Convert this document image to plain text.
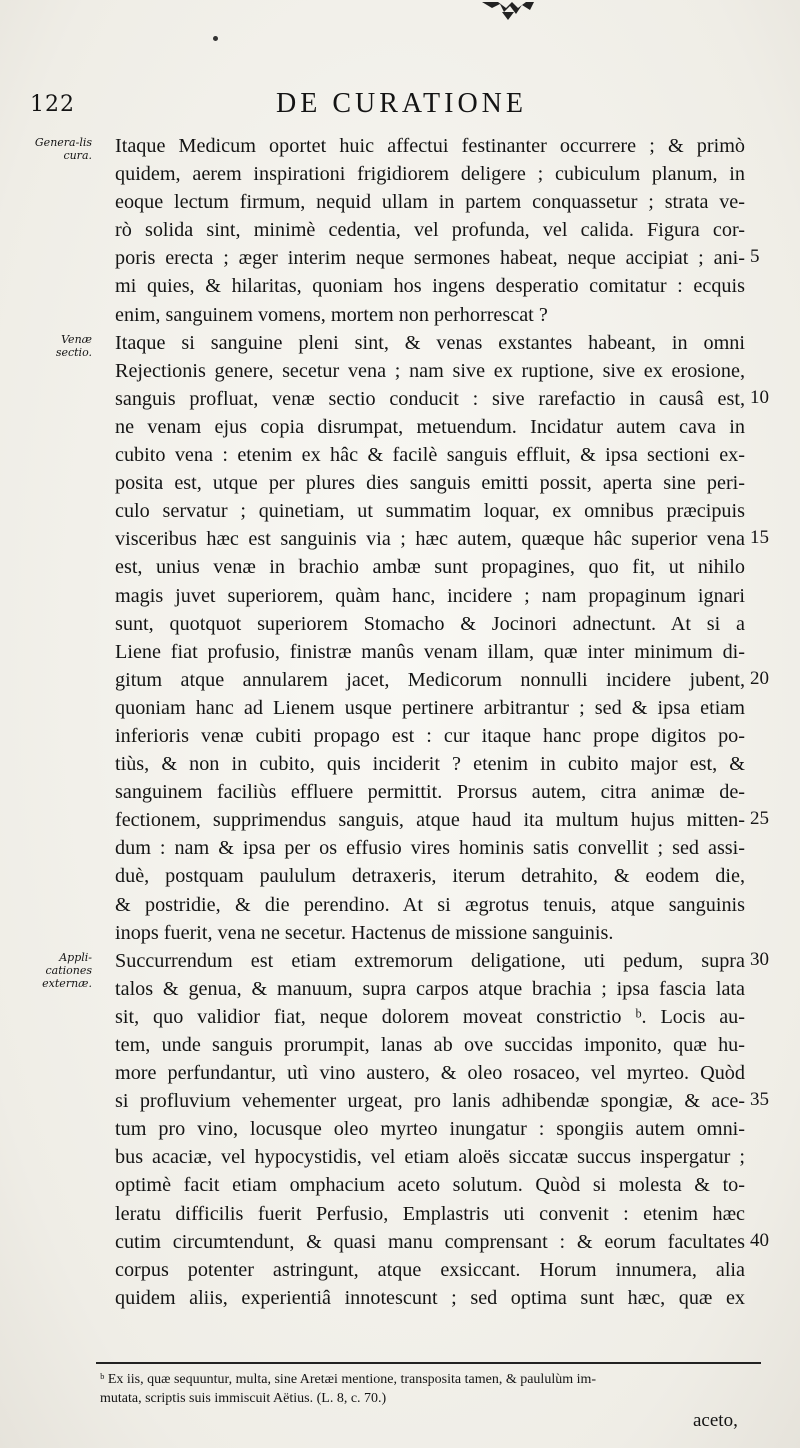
122	DE CURATIONE
Genera-lis cura.
Venæ sectio.
Appli-cationes externæ.
Itaque Medicum oportet huic affectui festinanter occurrere ; & primò
quidem, aerem inspirationi frigidiorem deligere ; cubiculum planum, in
eoque lectum firmum, nequid ullam in partem conquassetur ; strata ve-
rò solida sint, minimè cedentia, vel profunda, vel calida. Figura cor-
poris erecta ; æger interim neque sermones habeat, neque accipiat ; ani-
mi quies, & hilaritas, quoniam hos ingens desperatio comitatur : ecquis
enim, sanguinem vomens, mortem non perhorrescat ?
Itaque si sanguine pleni sint, & venas exstantes habeant, in omni
Rejectionis genere, secetur vena ; nam sive ex ruptione, sive ex erosione,
sanguis profluat, venæ sectio conducit : sive rarefactio in causâ est,
ne venam ejus copia disrumpat, metuendum. Incidatur autem cava in
cubito vena : etenim ex hâc & facilè sanguis effluit, & ipsa sectioni ex-
posita est, utque per plures dies sanguis emitti possit, aperta sine peri-
culo servatur ; quinetiam, ut summatim loquar, ex omnibus præcipuis
visceribus hæc est sanguinis via ; hæc autem, quæque hâc superior vena
est, unius venæ in brachio ambæ sunt propagines, quo fit, ut nihilo
magis juvet superiorem, quàm hanc, incidere ; nam propaginum ignari
sunt, quotquot superiorem Stomacho & Jocinori adnectunt. At si a
Liene fiat profusio, finistræ manûs venam illam, quæ inter minimum di-
gitum atque annularem jacet, Medicorum nonnulli incidere jubent,
quoniam hanc ad Lienem usque pertinere arbitrantur ; sed & ipsa etiam
inferioris venæ cubiti propago est : cur itaque hanc prope digitos po-
tiùs, & non in cubito, quis inciderit ? etenim in cubito major est, &
sanguinem faciliùs effluere permittit. Prorsus autem, citra animæ de-
fectionem, supprimendus sanguis, atque haud ita multum hujus mitten-
dum : nam & ipsa per os effusio vires hominis satis convellit ; sed assi-
duè, postquam paululum detraxeris, iterum detrahito, & eodem die,
& postridie, & die perendino. At si ægrotus tenuis, atque sanguinis
inops fuerit, vena ne secetur. Hactenus de missione sanguinis.
Succurrendum est etiam extremorum deligatione, uti pedum, supra
talos & genua, & manuum, supra carpos atque brachia ; ipsa fascia lata
sit, quo validior fiat, neque dolorem moveat constrictio ᵇ. Locis au-
tem, unde sanguis prorumpit, lanas ab ove succidas imponito, quæ hu-
more perfundantur, utì vino austero, & oleo rosaceo, vel myrteo. Quòd
si profluvium vehementer urgeat, pro lanis adhibendæ spongiæ, & ace-
tum pro vino, locusque oleo myrteo inungatur : spongiis autem omni-
bus acaciæ, vel hypocystidis, vel etiam aloës siccatæ succus inspergatur ;
optimè facit etiam omphacium aceto solutum. Quòd si molesta & to-
leratu difficilis fuerit Perfusio, Emplastris uti convenit : etenim hæc
cutim circumtendunt, & quasi manu comprensant : & eorum facultates
corpus potenter astringunt, atque exsiccant. Horum innumera, alia
quidem aliis, experientiâ innotescunt ; sed optima sunt hæc, quæ ex
5
10
15
20
25
30
35
40
ᵇ Ex iis, quæ sequuntur, multa, sine Aretæi mentione, transposita tamen, & paululùm im-
mutata, scriptis suis immiscuit Aëtius. (L. 8, c. 70.)
aceto,
